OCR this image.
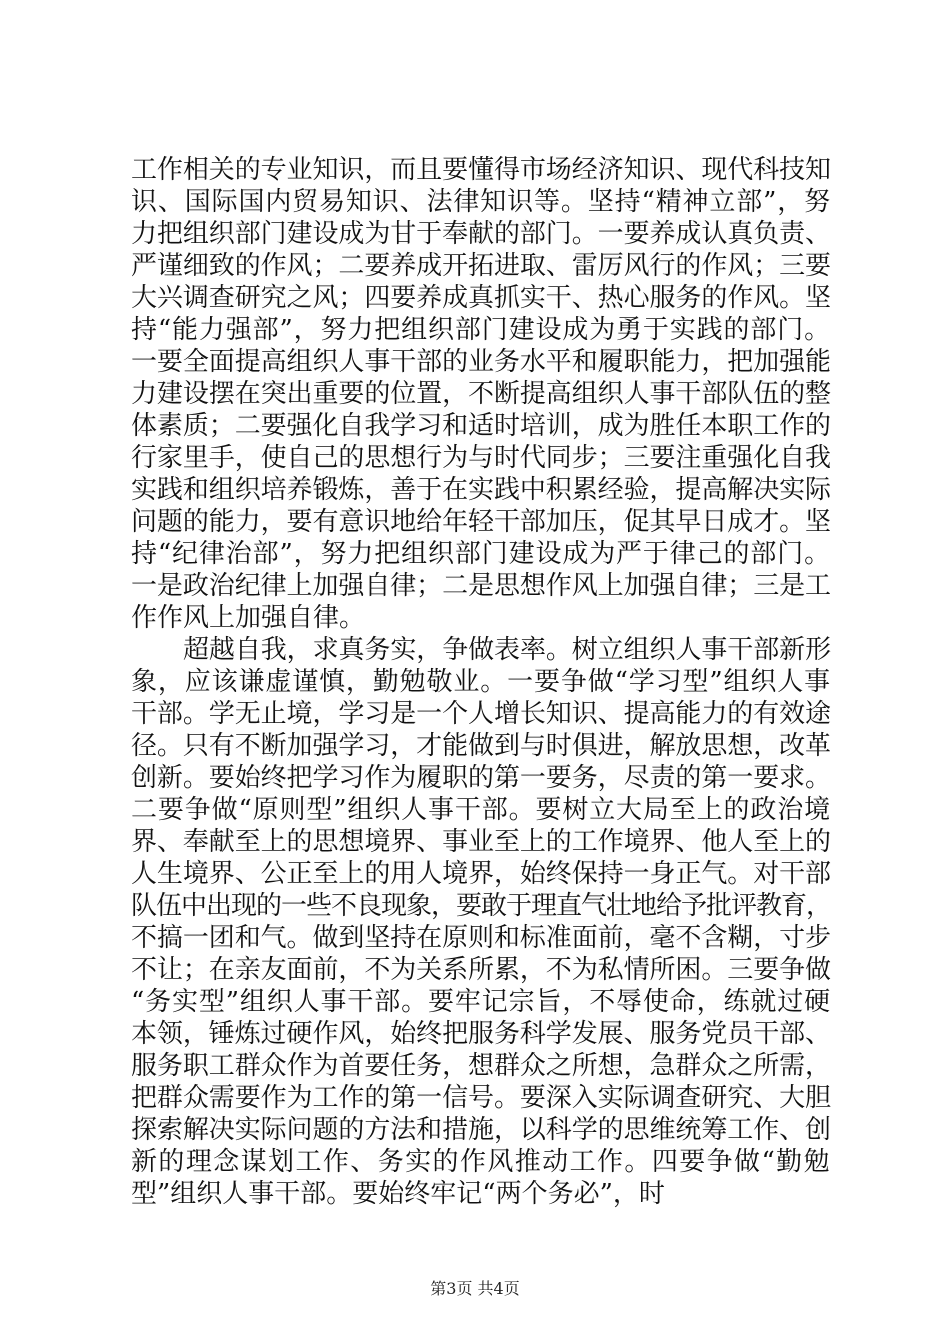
工作相关的专业知识，而且要懂得市场经济知识、现代科技知
识、国际国内贸易知识、法律知识等。坚持“精神立部”，努
力把组织部门建设成为甘于奉献的部门。一要养成认真负责、
严谨细致的作风；二要养成开拓进取、雷厉风行的作风；三要
大兴调查研究之风；四要养成真抓实干、热心服务的作风。坚
持“能力强部”，努力把组织部门建设成为勇于实践的部门。
一要全面提高组织人事干部的业务水平和履职能力，把加强能
力建设摆在突出重要的位置，不断提高组织人事干部队伍的整
体素质；二要强化自我学习和适时培训，成为胜任本职工作的
行家里手，使自己的思想行为与时代同步；三要注重强化自我
实践和组织培养锻炼，善于在实践中积累经验，提高解决实际
问题的能力，要有意识地给年轻干部加压，促其早日成才。坚
持“纪律治部”，努力把组织部门建设成为严于律己的部门。
一是政治纪律上加强自律；二是思想作风上加强自律；三是工
作作风上加强自律。
超越自我，求真务实，争做表率。树立组织人事干部新形
象，应该谦虚谨慎，勤勉敬业。一要争做“学习型”组织人事
干部。学无止境，学习是一个人增长知识、提高能力的有效途
径。只有不断加强学习，才能做到与时俱进，解放思想，改革
创新。要始终把学习作为履职的第一要务，尽责的第一要求。
二要争做“原则型”组织人事干部。要树立大局至上的政治境
界、奉献至上的思想境界、事业至上的工作境界、他人至上的
人生境界、公正至上的用人境界，始终保持一身正气。对干部
队伍中出现的一些不良现象，要敢于理直气壮地给予批评教育，
不搞一团和气。做到坚持在原则和标准面前，毫不含糊，寸步
不让；在亲友面前，不为关系所累，不为私情所困。三要争做
“务实型”组织人事干部。要牢记宗旨，不辱使命，练就过硬
本领，锤炼过硬作风，始终把服务科学发展、服务党员干部、
服务职工群众作为首要任务，想群众之所想，急群众之所需，
把群众需要作为工作的第一信号。要深入实际调查研究、大胆
探索解决实际问题的方法和措施，以科学的思维统筹工作、创
新的理念谋划工作、务实的作风推动工作。四要争做“勤勉
型”组织人事干部。要始终牢记“两个务必”，时
第3页 共4页
